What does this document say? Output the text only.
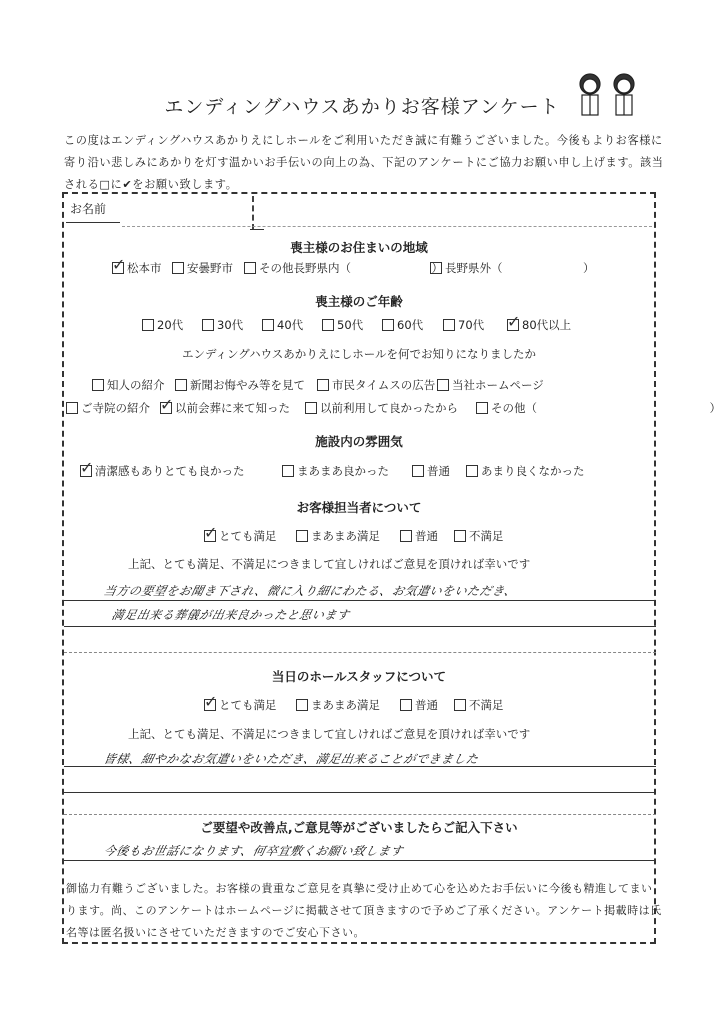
エンディングハウスあかりお客様アンケート
この度はエンディングハウスあかりえにしホールをご利用いただき誠に有難うございました。今後もよりお客様に寄り沿い悲しみにあかりを灯す温かいお手伝いの向上の為、下記のアンケートにご協力お願い申し上げます。該当される□に✔をお願い致します。
お名前
喪主様のお住まいの地域
✓
松本市 安曇野市 その他長野県内（　　　　　　　） 長野県外（　　　　　　　）
喪主様のご年齢
20代	30代	40代	50代	60代	70代 ✓	80代以上
エンディングハウスあかりえにしホールを何でお知りになりましたか
知人の紹介 新聞お悔やみ等を見て 市民タイムスの広告 当社ホームページ
ご寺院の紹介 ✓ 以前会葬に来て知った	以前利用して良かったから	その他（　　　　　　　　　　　　　　　）
施設内の雰囲気
✓
清潔感もありとても良かった	まあまあ良かった	普通	あまり良くなかった
お客様担当者について
✓
とても満足	まあまあ満足	普通	不満足
上記、とても満足、不満足につきまして宜しければご意見を頂ければ幸いです
当方の要望をお聞き下され、微に入り細にわたる、お気遣いをいただき、
満足出来る葬儀が出来良かったと思います
当日のホールスタッフについて
✓
とても満足	まあまあ満足	普通	不満足
上記、とても満足、不満足につきまして宜しければご意見を頂ければ幸いです
皆様、細やかなお気遣いをいただき、満足出来ることができました
ご要望や改善点,ご意見等がございましたらご記入下さい
今後もお世話になります、何卒宜敷くお願い致します
御協力有難うございました。お客様の貴重なご意見を真摯に受け止めて心を込めたお手伝いに今後も精進してまいります。尚、このアンケートはホームページに掲載させて頂きますので予めご了承ください。アンケート掲載時は氏名等は匿名扱いにさせていただきますのでご安心下さい。
